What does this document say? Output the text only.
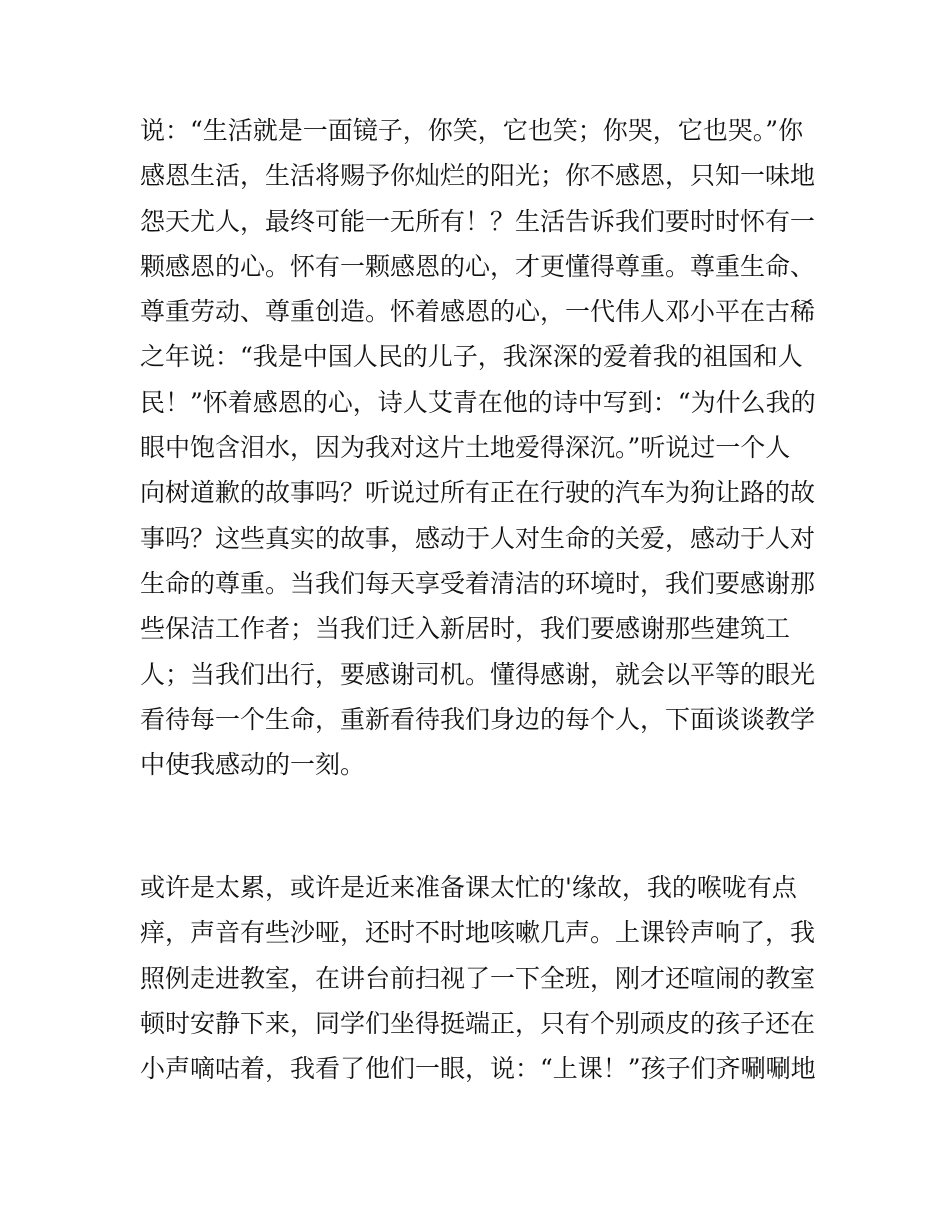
说：“生活就是一面镜子，你笑，它也笑；你哭，它也哭。”你
感恩生活，生活将赐予你灿烂的阳光；你不感恩，只知一味地
怨天尤人，最终可能一无所有！？生活告诉我们要时时怀有一
颗感恩的心。怀有一颗感恩的心，才更懂得尊重。尊重生命、
尊重劳动、尊重创造。怀着感恩的心，一代伟人邓小平在古稀
之年说：“我是中国人民的儿子，我深深的爱着我的祖国和人
民！”怀着感恩的心，诗人艾青在他的诗中写到：“为什么我的
眼中饱含泪水，因为我对这片土地爱得深沉。”听说过一个人
向树道歉的故事吗？听说过所有正在行驶的汽车为狗让路的故
事吗？这些真实的故事，感动于人对生命的关爱，感动于人对
生命的尊重。当我们每天享受着清洁的环境时，我们要感谢那
些保洁工作者；当我们迁入新居时，我们要感谢那些建筑工
人；当我们出行，要感谢司机。懂得感谢，就会以平等的眼光
看待每一个生命，重新看待我们身边的每个人，下面谈谈教学
中使我感动的一刻。
或许是太累，或许是近来准备课太忙的'缘故，我的喉咙有点
痒，声音有些沙哑，还时不时地咳嗽几声。上课铃声响了，我
照例走进教室，在讲台前扫视了一下全班，刚才还喧闹的教室
顿时安静下来，同学们坐得挺端正，只有个别顽皮的孩子还在
小声嘀咕着，我看了他们一眼，说：“上课！”孩子们齐唰唰地
